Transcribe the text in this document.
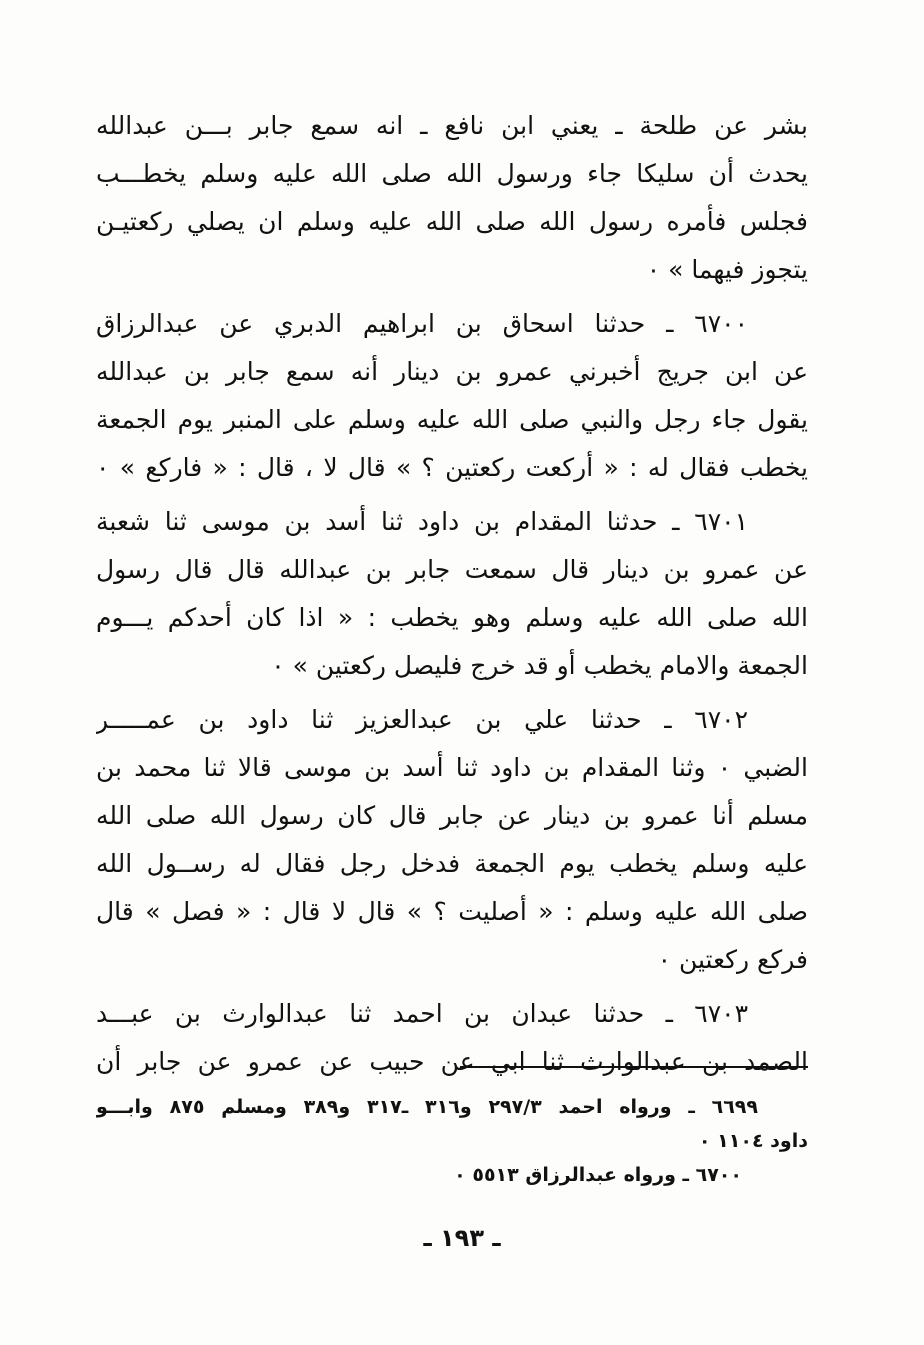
بشر عن طلحة ـ يعني ابن نافع ـ انه سمع جابر بـــن عبدالله
يحدث أن سليكا جاء ورسول الله صلى الله عليه وسلم يخطـــب
فجلس فأمره رسول الله صلى الله عليه وسلم ان يصلي ركعتيـن
يتجوز فيهما » ٠
٦٧٠٠ ـ حدثنا اسحاق بن ابراهيم الدبري عن عبدالرزاق
عن ابن جريج أخبرني عمرو بن دينار أنه سمع جابر بن عبدالله
يقول جاء رجل والنبي صلى الله عليه وسلم على المنبر يوم الجمعة
يخطب فقال له : « أركعت ركعتين ؟ » قال لا ، قال : « فاركع » ٠
٦٧٠١ ـ حدثنا المقدام بن داود ثنا أسد بن موسى ثنا شعبة
عن عمرو بن دينار قال سمعت جابر بن عبدالله قال قال رسول
الله صلى الله عليه وسلم وهو يخطب : « اذا كان أحدكم يـــوم
الجمعة والامام يخطب أو قد خرج فليصل ركعتين » ٠
٦٧٠٢ ـ حدثنا علي بن عبدالعزيز ثنا داود بن عمـــــر
الضبي ٠ وثنا المقدام بن داود ثنا أسد بن موسى قالا ثنا محمد بن
مسلم أنا عمرو بن دينار عن جابر قال كان رسول الله صلى الله
عليه وسلم يخطب يوم الجمعة فدخل رجل فقال له رســول الله
صلى الله عليه وسلم : « أصليت ؟ » قال لا قال : « فصل » قال
فركع ركعتين ٠
٦٧٠٣ ـ حدثنا عبدان بن احمد ثنا عبدالوارث بن عبـــد
الصمد بن عبدالوارث ثنا ابي عن حبيب عن عمرو عن جابر أن
٦٦٩٩ ـ ورواه احمد ٢٩٧/٣ و٣١٦ ـ٣١٧ و٣٨٩ ومسلم ٨٧٥ وابـــو
داود ١١٠٤ ٠
٦٧٠٠ ـ ورواه عبدالرزاق ٥٥١٣ ٠
ـ ١٩٣ ـ
